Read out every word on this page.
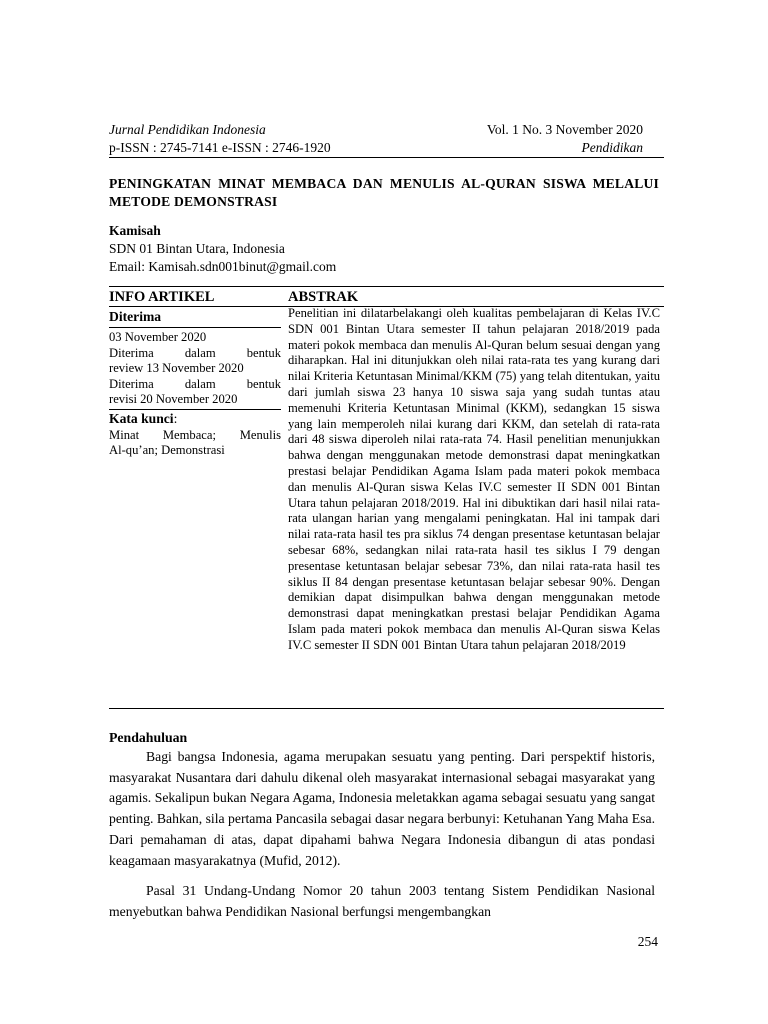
Jurnal Pendidikan Indonesia
p-ISSN : 2745-7141 e-ISSN : 2746-1920
Vol. 1 No. 3 November 2020
Pendidikan
PENINGKATAN MINAT MEMBACA DAN MENULIS AL-QURAN SISWA MELALUI METODE DEMONSTRASI
Kamisah
SDN 01 Bintan Utara, Indonesia
Email: Kamisah.sdn001binut@gmail.com
INFO ARTIKEL	ABSTRAK
Diterima
03 November 2020
Diterima dalam bentuk
review 13 November 2020
Diterima dalam bentuk
revisi 20 November 2020
Kata kunci:
Minat Membaca; Menulis
Al-qu’an; Demonstrasi
Penelitian ini dilatarbelakangi oleh kualitas pembelajaran di Kelas IV.C SDN 001 Bintan Utara semester II tahun pelajaran 2018/2019 pada materi pokok membaca dan menulis Al-Quran belum sesuai dengan yang diharapkan. Hal ini ditunjukkan oleh nilai rata-rata tes yang kurang dari nilai Kriteria Ketuntasan Minimal/KKM (75) yang telah ditentukan, yaitu dari jumlah siswa 23 hanya 10 siswa saja yang sudah tuntas atau memenuhi Kriteria Ketuntasan Minimal (KKM), sedangkan 15 siswa yang lain memperoleh nilai kurang dari KKM, dan setelah di rata-rata dari 48 siswa diperoleh nilai rata-rata 74. Hasil penelitian menunjukkan bahwa dengan menggunakan metode demonstrasi dapat meningkatkan prestasi belajar Pendidikan Agama Islam pada materi pokok membaca dan menulis Al-Quran siswa Kelas IV.C semester II SDN 001 Bintan Utara tahun pelajaran 2018/2019. Hal ini dibuktikan dari hasil nilai rata-rata ulangan harian yang mengalami peningkatan. Hal ini tampak dari nilai rata-rata hasil tes pra siklus 74 dengan presentase ketuntasan belajar sebesar 68%, sedangkan nilai rata-rata hasil tes siklus I 79 dengan presentase ketuntasan belajar sebesar 73%, dan nilai rata-rata hasil tes siklus II 84 dengan presentase ketuntasan belajar sebesar 90%. Dengan demikian dapat disimpulkan bahwa dengan menggunakan metode demonstrasi dapat meningkatkan prestasi belajar Pendidikan Agama Islam pada materi pokok membaca dan menulis Al-Quran siswa Kelas IV.C semester II SDN 001 Bintan Utara tahun pelajaran 2018/2019
Pendahuluan
Bagi bangsa Indonesia, agama merupakan sesuatu yang penting. Dari perspektif historis, masyarakat Nusantara dari dahulu dikenal oleh masyarakat internasional sebagai masyarakat yang agamis. Sekalipun bukan Negara Agama, Indonesia meletakkan agama sebagai sesuatu yang sangat penting. Bahkan, sila pertama Pancasila sebagai dasar negara berbunyi: Ketuhanan Yang Maha Esa. Dari pemahaman di atas, dapat dipahami bahwa Negara Indonesia dibangun di atas pondasi keagamaan masyarakatnya (Mufid, 2012).
Pasal 31 Undang-Undang Nomor 20 tahun 2003 tentang Sistem Pendidikan Nasional menyebutkan bahwa Pendidikan Nasional berfungsi mengembangkan
254
